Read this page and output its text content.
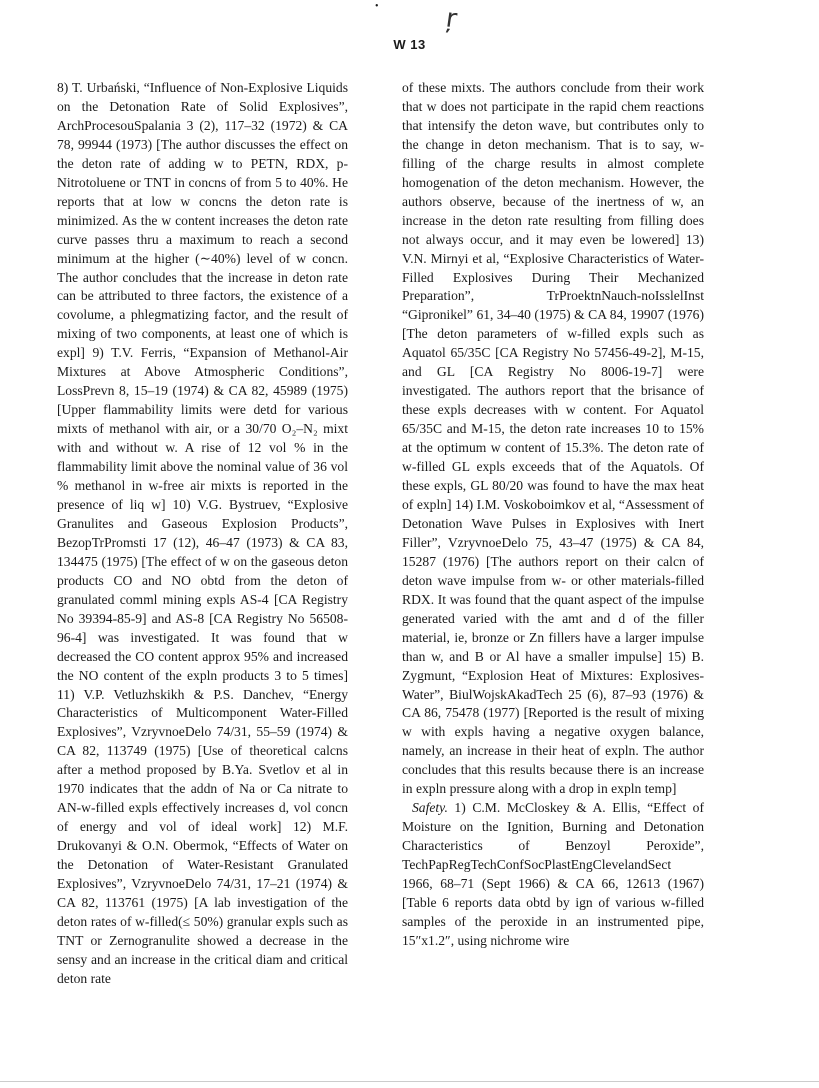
•	ŗ
W 13

8) T. Urbański, “Influence of Non-Explosive Liquids on the Detonation Rate of Solid Explosives”, ArchProcesouSpalania 3 (2), 117–32 (1972) & CA 78, 99944 (1973) [The author discusses the effect on the deton rate of adding w to PETN, RDX, p-Nitrotoluene or TNT in concns of from 5 to 40%. He reports that at low w concns the deton rate is minimized. As the w content increases the deton rate curve passes thru a maximum to reach a second minimum at the higher (∼40%) level of w concn. The author concludes that the increase in deton rate can be attributed to three factors, the existence of a covolume, a phlegmatizing factor, and the result of mixing of two components, at least one of which is expl] 9) T.V. Ferris, “Expansion of Methanol-Air Mixtures at Above Atmospheric Conditions”, LossPrevn 8, 15–19 (1974) & CA 82, 45989 (1975) [Upper flammability limits were detd for various mixts of methanol with air, or a 30/70 O₂–N₂ mixt with and without w. A rise of 12 vol % in the flammability limit above the nominal value of 36 vol % methanol in w-free air mixts is reported in the presence of liq w] 10) V.G. Bystruev, “Explosive Granulites and Gaseous Explosion Products”, BezopTrPromsti 17 (12), 46–47 (1973) & CA 83, 134475 (1975) [The effect of w on the gaseous deton products CO and NO obtd from the deton of granulated comml mining expls AS-4 [CA Registry No 39394-85-9] and AS-8 [CA Registry No 56508-96-4] was investigated. It was found that w decreased the CO content approx 95% and increased the NO content of the expln products 3 to 5 times] 11) V.P. Vetluzhskikh & P.S. Danchev, “Energy Characteristics of Multicomponent Water-Filled Explosives”, VzryvnoeDelo 74/31, 55–59 (1974) & CA 82, 113749 (1975) [Use of theoretical calcns after a method proposed by B.Ya. Svetlov et al in 1970 indicates that the addn of Na or Ca nitrate to AN-w-filled expls effectively increases d, vol concn of energy and vol of ideal work] 12) M.F. Drukovanyi & O.N. Obermok, “Effects of Water on the Detonation of Water-Resistant Granulated Explosives”, VzryvnoeDelo 74/31, 17–21 (1974) & CA 82, 113761 (1975) [A lab investigation of the deton rates of w-filled(≤ 50%) granular expls such as TNT or Zernogranulite showed a decrease in the sensy and an increase in the critical diam and critical deton rate

of these mixts. The authors conclude from their work that w does not participate in the rapid chem reactions that intensify the deton wave, but contributes only to the change in deton mechanism. That is to say, w-filling of the charge results in almost complete homogenation of the deton mechanism. However, the authors observe, because of the inertness of w, an increase in the deton rate resulting from filling does not always occur, and it may even be lowered] 13) V.N. Mirnyi et al, “Explosive Characteristics of Water-Filled Explosives During Their Mechanized Preparation”, TrProektnNauch-noIsslelInst “Gipronikel” 61, 34–40 (1975) & CA 84, 19907 (1976) [The deton parameters of w-filled expls such as Aquatol 65/35C [CA Registry No 57456-49-2], M-15, and GL [CA Registry No 8006-19-7] were investigated. The authors report that the brisance of these expls decreases with w content. For Aquatol 65/35C and M-15, the deton rate increases 10 to 15% at the optimum w content of 15.3%. The deton rate of w-filled GL expls exceeds that of the Aquatols. Of these expls, GL 80/20 was found to have the max heat of expln] 14) I.M. Voskoboimkov et al, “Assessment of Detonation Wave Pulses in Explosives with Inert Filler”, VzryvnoeDelo 75, 43–47 (1975) & CA 84, 15287 (1976) [The authors report on their calcn of deton wave impulse from w- or other materials-filled RDX. It was found that the quant aspect of the impulse generated varied with the amt and d of the filler material, ie, bronze or Zn fillers have a larger impulse than w, and B or Al have a smaller impulse] 15) B. Zygmunt, “Explosion Heat of Mixtures: Explosives-Water”, BiulWojskAkadTech 25 (6), 87–93 (1976) & CA 86, 75478 (1977) [Reported is the result of mixing w with expls having a negative oxygen balance, namely, an increase in their heat of expln. The author concludes that this results because there is an increase in expln pressure along with a drop in expln temp]

Safety. 1) C.M. McCloskey & A. Ellis, “Effect of Moisture on the Ignition, Burning and Detonation Characteristics of Benzoyl Peroxide”, TechPapRegTechConfSocPlastEngClevelandSect 1966, 68–71 (Sept 1966) & CA 66, 12613 (1967) [Table 6 reports data obtd by ign of various w-filled samples of the peroxide in an instrumented pipe, 15″x1.2″, using nichrome wire
